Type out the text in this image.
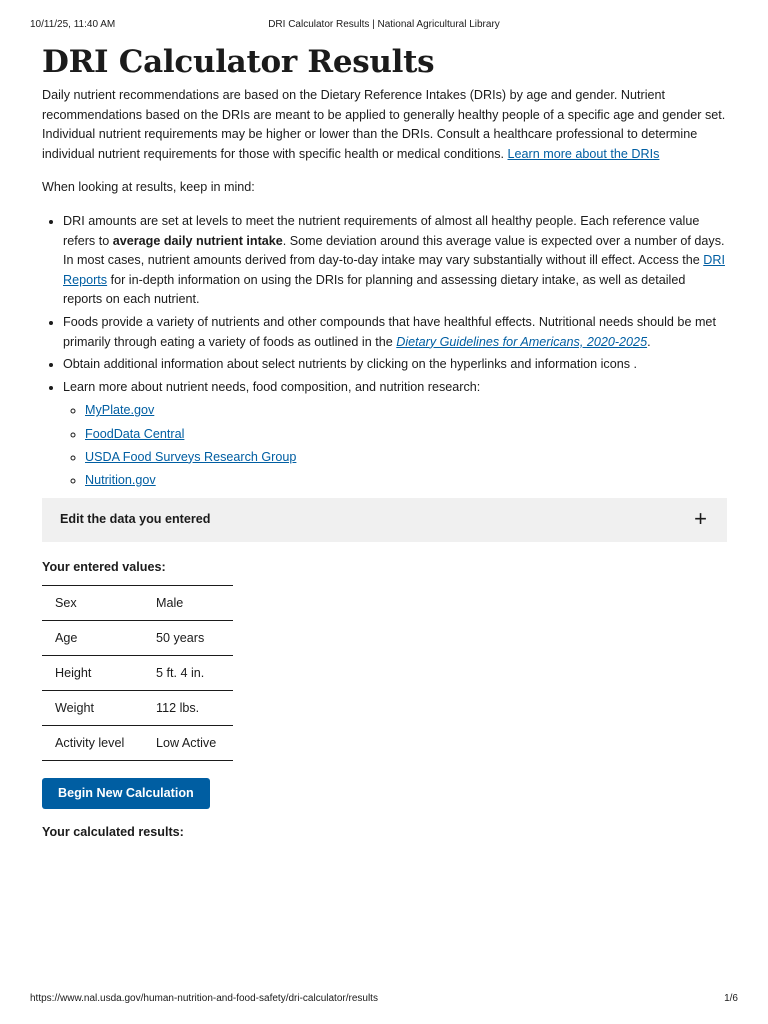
10/11/25, 11:40 AM	DRI Calculator Results | National Agricultural Library
DRI Calculator Results

Daily nutrient recommendations are based on the Dietary Reference Intakes (DRIs) by age and gender. Nutrient recommendations based on the DRIs are meant to be applied to generally healthy people of a specific age and gender set. Individual nutrient requirements may be higher or lower than the DRIs. Consult a healthcare professional to determine individual nutrient requirements for those with specific health or medical conditions. Learn more about the DRIs

When looking at results, keep in mind:

• DRI amounts are set at levels to meet the nutrient requirements of almost all healthy people. Each reference value refers to average daily nutrient intake. Some deviation around this average value is expected over a number of days. In most cases, nutrient amounts derived from day-to-day intake may vary substantially without ill effect. Access the DRI Reports for in-depth information on using the DRIs for planning and assessing dietary intake, as well as detailed reports on each nutrient.
• Foods provide a variety of nutrients and other compounds that have healthful effects. Nutritional needs should be met primarily through eating a variety of foods as outlined in the Dietary Guidelines for Americans, 2020-2025.
• Obtain additional information about select nutrients by clicking on the hyperlinks and information icons .
• Learn more about nutrient needs, food composition, and nutrition research:
◦ MyPlate.gov
◦ FoodData Central
◦ USDA Food Surveys Research Group
◦ Nutrition.gov
Edit the data you entered	+
Your entered values:
Sex	Male
Age	50 years
Height	5 ft. 4 in.
Weight	112 lbs.
Activity level	Low Active
Begin New Calculation
Your calculated results:
https://www.nal.usda.gov/human-nutrition-and-food-safety/dri-calculator/results	1/6
